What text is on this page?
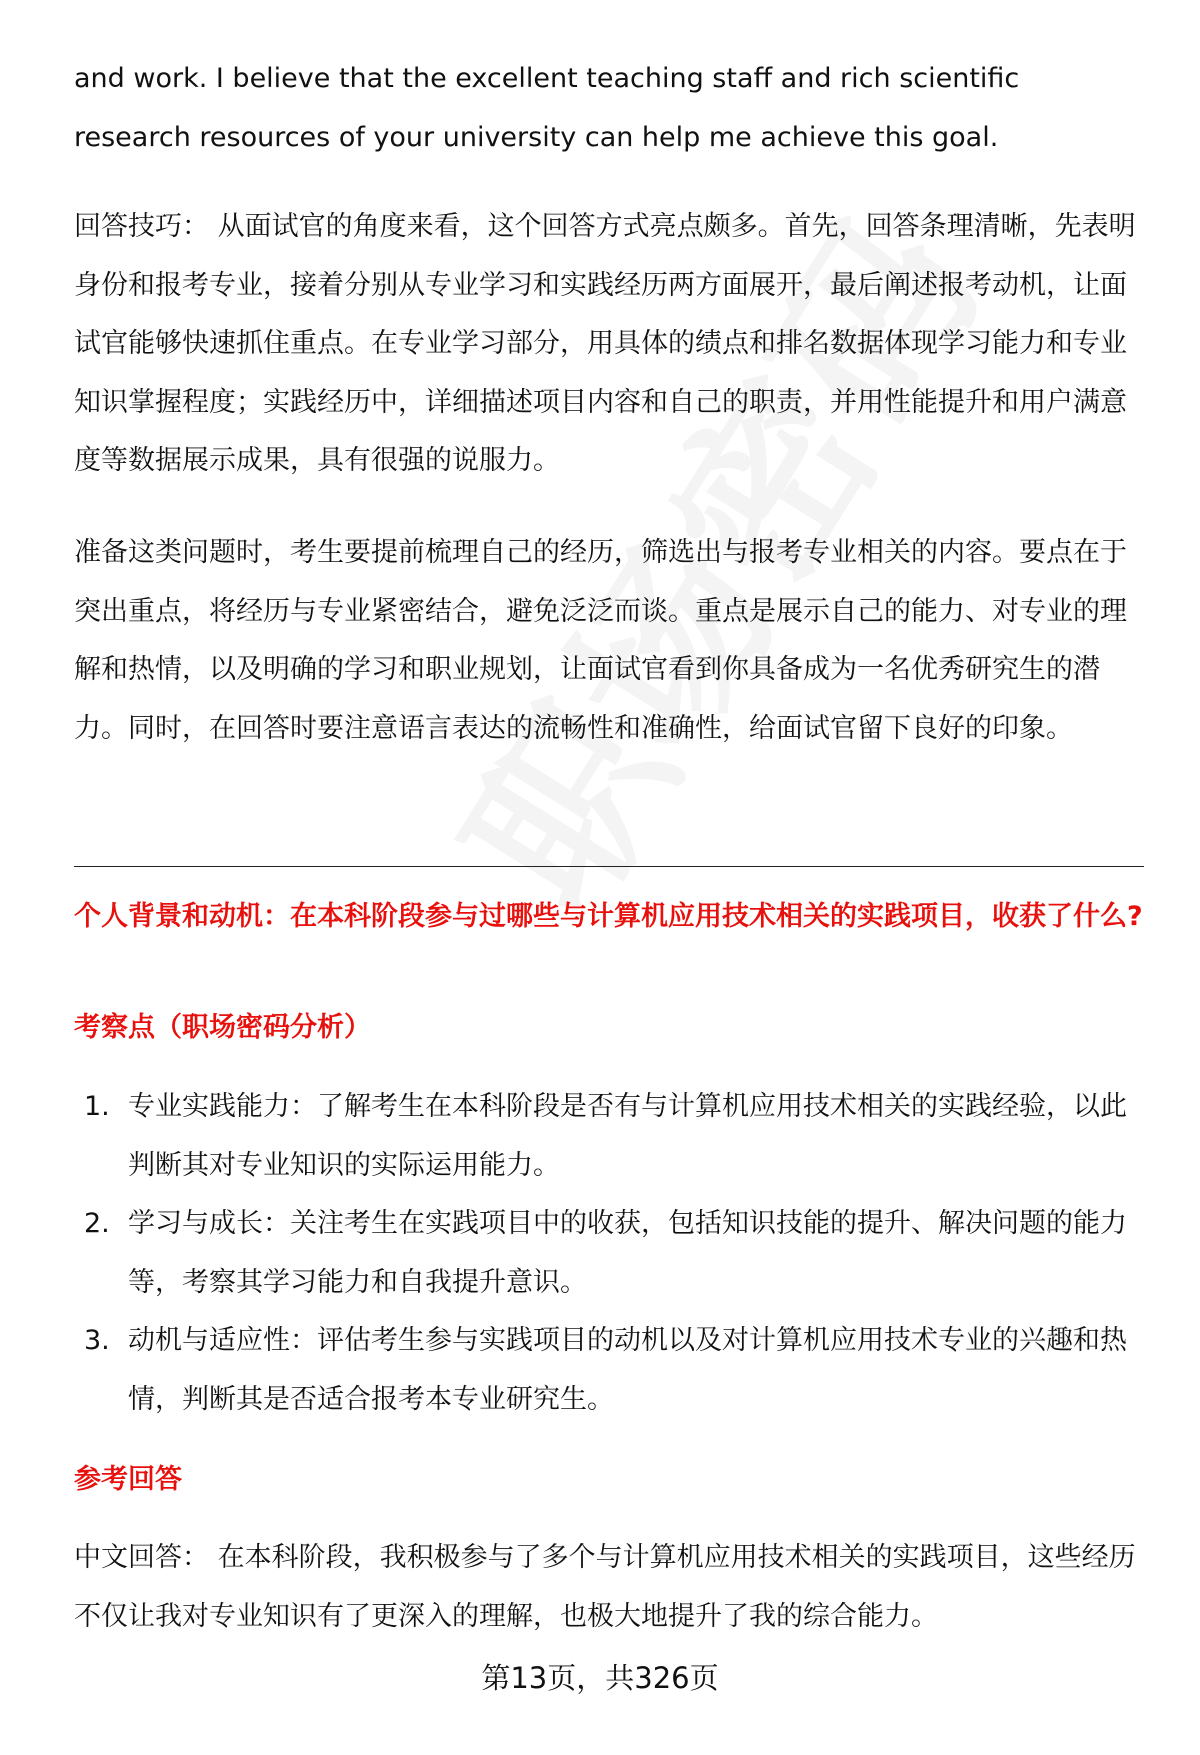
and work. I believe that the excellent teaching staff and rich scientific
research resources of your university can help me achieve this goal.

回答技巧： 从面试官的角度来看，这个回答方式亮点颇多。首先，回答条理清晰，先表明身份和报考专业，接着分别从专业学习和实践经历两方面展开，最后阐述报考动机，让面试官能够快速抓住重点。在专业学习部分，用具体的绩点和排名数据体现学习能力和专业知识掌握程度；实践经历中，详细描述项目内容和自己的职责，并用性能提升和用户满意度等数据展示成果，具有很强的说服力。

准备这类问题时，考生要提前梳理自己的经历，筛选出与报考专业相关的内容。要点在于突出重点，将经历与专业紧密结合，避免泛泛而谈。重点是展示自己的能力、对专业的理解和热情，以及明确的学习和职业规划，让面试官看到你具备成为一名优秀研究生的潜力。同时，在回答时要注意语言表达的流畅性和准确性，给面试官留下良好的印象。

个人背景和动机：在本科阶段参与过哪些与计算机应用技术相关的实践项目，收获了什么?
考察点（职场密码分析）
1. 专业实践能力：了解考生在本科阶段是否有与计算机应用技术相关的实践经验，以此判断其对专业知识的实际运用能力。
2. 学习与成长：关注考生在实践项目中的收获，包括知识技能的提升、解决问题的能力等，考察其学习能力和自我提升意识。
3. 动机与适应性：评估考生参与实践项目的动机以及对计算机应用技术专业的兴趣和热情，判断其是否适合报考本专业研究生。
参考回答

中文回答： 在本科阶段，我积极参与了多个与计算机应用技术相关的实践项目，这些经历不仅让我对专业知识有了更深入的理解，也极大地提升了我的综合能力。

第13页，共326页
